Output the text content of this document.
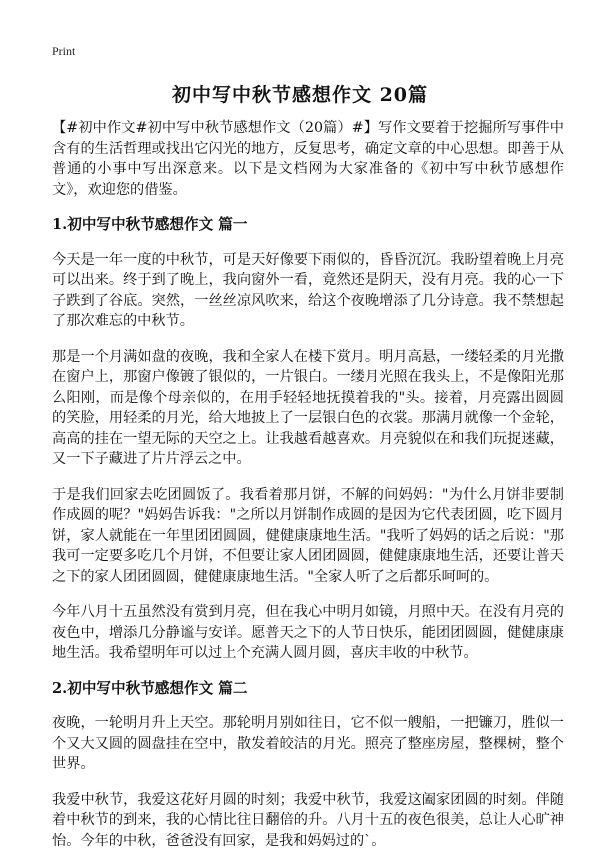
Print
初中写中秋节感想作文 20篇

【#初中作文#初中写中秋节感想作文（20篇）#】写作文要着于挖掘所写事件中含有的生活哲理或找出它闪光的地方，反复思考，确定文章的中心思想。即善于从普通的小事中写出深意来。以下是文档网为大家准备的《初中写中秋节感想作文》，欢迎您的借鉴。

1.初中写中秋节感想作文 篇一

今天是一年一度的中秋节，可是天好像要下雨似的，昏昏沉沉。我盼望着晚上月亮可以出来。终于到了晚上，我向窗外一看，竟然还是阴天，没有月亮。我的心一下子跌到了谷底。突然，一丝丝凉风吹来，给这个夜晚增添了几分诗意。我不禁想起了那次难忘的中秋节。

那是一个月满如盘的夜晚，我和全家人在楼下赏月。明月高悬，一缕轻柔的月光撒在窗户上，那窗户像镀了银似的，一片银白。一缕月光照在我头上，不是像阳光那么阳刚，而是像个母亲似的，在用手轻轻地抚摸着我的"头。接着，月亮露出圆圆的笑脸，用轻柔的月光，给大地披上了一层银白色的衣裳。那满月就像一个金轮，高高的挂在一望无际的天空之上。让我越看越喜欢。月亮貌似在和我们玩捉迷藏，又一下子藏进了片片浮云之中。

于是我们回家去吃团圆饭了。我看着那月饼，不解的问妈妈："为什么月饼非要制作成圆的呢？"妈妈告诉我："之所以月饼制作成圆的是因为它代表团圆，吃下圆月饼，家人就能在一年里团团圆圆，健健康康地生活。"我听了妈妈的话之后说："那我可一定要多吃几个月饼，不但要让家人团团圆圆，健健康康地生活，还要让普天之下的家人团团圆圆，健健康康地生活。"全家人听了之后都乐呵呵的。

今年八月十五虽然没有赏到月亮，但在我心中明月如镜，月照中天。在没有月亮的夜色中，增添几分静谧与安详。愿普天之下的人节日快乐，能团团圆圆，健健康康地生活。我希望明年可以过上个充满人圆月圆，喜庆丰收的中秋节。

2.初中写中秋节感想作文 篇二

夜晚，一轮明月升上天空。那轮明月别如往日，它不似一艘船，一把镰刀，胜似一个又大又圆的圆盘挂在空中，散发着皎洁的月光。照亮了整座房屋，整棵树，整个世界。

我爱中秋节，我爱这花好月圆的时刻；我爱中秋节，我爱这阖家团圆的时刻。伴随着中秋节的到来，我的心情比往日翻倍的升。八月十五的夜色很美，总让人心旷神怡。今年的中秋，爸爸没有回家，是我和妈妈过的`。
